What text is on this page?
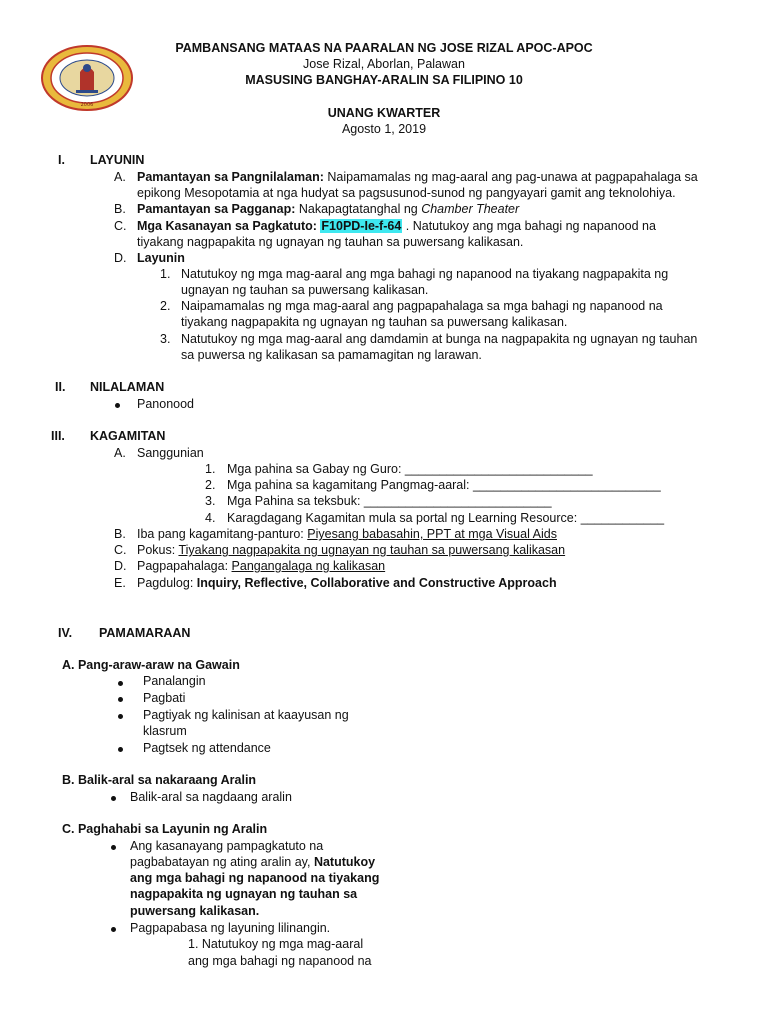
2006
PAMBANSANG MATAAS NA PAARALAN NG JOSE RIZAL APOC-APOC
Jose Rizal, Aborlan, Palawan
MASUSING BANGHAY-ARALIN SA FILIPINO 10
UNANG KWARTER
Agosto 1, 2019
I. LAYUNIN
A. Pamantayan sa Pangnilalaman: Naipamamalas ng mag-aaral ang pag-unawa at pagpapahalaga sa
epikong Mesopotamia at nga hudyat sa pagsusunod-sunod ng pangyayari gamit ang teknolohiya.
B. Pamantayan sa Pagganap: Nakapagtatanghal ng Chamber Theater
C. Mga Kasanayan sa Pagkatuto: F10PD-Ie-f-64 . Natutukoy ang mga bahagi ng napanood na
tiyakang nagpapakita ng ugnayan ng tauhan sa puwersang kalikasan.
D. Layunin
1. Natutukoy ng mga mag-aaral ang mga bahagi ng napanood na tiyakang nagpapakita ng
ugnayan ng tauhan sa puwersang kalikasan.
2. Naipamamalas ng mga mag-aaral ang pagpapahalaga sa mga bahagi ng napanood na
tiyakang nagpapakita ng ugnayan ng tauhan sa puwersang kalikasan.
3. Natutukoy ng mga mag-aaral ang damdamin at bunga na nagpapakita ng ugnayan ng tauhan
sa puwersa ng kalikasan sa pamamagitan ng larawan.
II. NILALAMAN
Panonood
III. KAGAMITAN
A. Sanggunian
1. Mga pahina sa Gabay ng Guro: ___________________________
2. Mga pahina sa kagamitang Pangmag-aaral: ___________________________
3. Mga Pahina sa teksbuk: ___________________________
4. Karagdagang Kagamitan mula sa portal ng Learning Resource: ____________
B. Iba pang kagamitang-panturo: Piyesang babasahin, PPT at mga Visual Aids
C. Pokus: Tiyakang nagpapakita ng ugnayan ng tauhan sa puwersang kalikasan
D. Pagpapahalaga: Pangangalaga ng kalikasan
E. Pagdulog: Inquiry, Reflective, Collaborative and Constructive Approach
IV. PAMAMARAAN
A. Pang-araw-araw na Gawain
Panalangin
Pagbati
Pagtiyak ng kalinisan at kaayusan ng
klasrum
Pagtsek ng attendance
B. Balik-aral sa nakaraang Aralin
Balik-aral sa nagdaang aralin
C. Paghahabi sa Layunin ng Aralin
Ang kasanayang pampagkatuto na
pagbabatayan ng ating aralin ay, Natutukoy
ang mga bahagi ng napanood na tiyakang
nagpapakita ng ugnayan ng tauhan sa
puwersang kalikasan.
Pagpapabasa ng layuning lilinangin.
1. Natutukoy ng mga mag-aaral
ang mga bahagi ng napanood na
